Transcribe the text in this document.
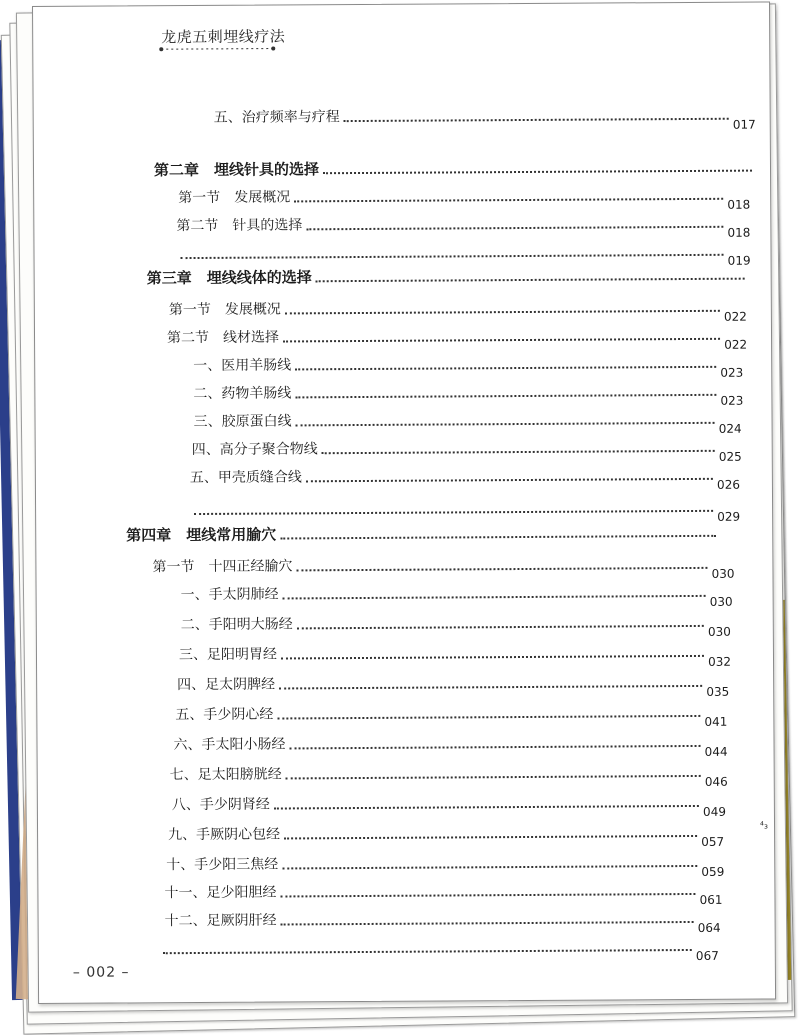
龙虎五刺埋线疗法
五、治疗频率与疗程	017
第二章　埋线针具的选择
第一节　发展概况	018
第二节　针具的选择	018
019
第三章　埋线线体的选择
第一节　发展概况	022
第二节　线材选择	022
一、医用羊肠线	023
二、药物羊肠线	023
三、胶原蛋白线	024
四、高分子聚合物线	025
五、甲壳质缝合线	026
029
第四章　埋线常用腧穴
第一节　十四正经腧穴	030
一、手太阴肺经	030
二、手阳明大肠经	030
三、足阳明胃经	032
四、足太阴脾经	035
五、手少阴心经	041
六、手太阳小肠经	044
七、足太阳膀胱经	046
八、手少阴肾经	049
九、手厥阴心包经	057
十、手少阳三焦经	059
十一、足少阳胆经	061
十二、足厥阴肝经	064
067
⁴₃
– 002 –
